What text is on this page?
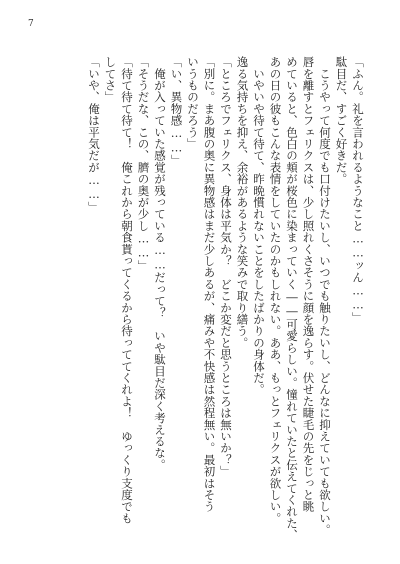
7
「ふん。礼を言われるようなこと……ッん……」
駄目だ、すごく好きだ。
　こうやって何度でも口付けたいし、いつでも触りたいし、どんなに抑えていても欲しい。
唇を離すとフェリクスは、少し照れくさそうに顔を逸らす。伏せた睫毛の先をじっと眺
めていると、色白の頬が桜色に染まっていく――可愛らしい。憧れていたと伝えてくれた、
あの日の彼もこんな表情をしていたのかもしれない。ああ、もっとフェリクスが欲しい。
　いやいや待て待て、昨晩慣れないことをしたばかりの身体だ。
逸る気持ちを抑え、余裕があるような笑みで取り繕う。
「ところでフェリクス、身体は平気か？　どこか変だと思うところは無いか？」
「別に。まあ腹の奥に異物感はまだ少しあるが、痛みや不快感は然程無い。最初はそう
いうものだろう」
「い、異物感……」
　俺が入っていた感覚が残っている……だって？　いや駄目だ深く考えるな。
「そうだな、この、臍の奥が少し……」
「待て待て待て！　俺これから朝食貰ってくるから待っててくれよ！　ゆっくり支度でも
してさ」
「いや、俺は平気だが……」
